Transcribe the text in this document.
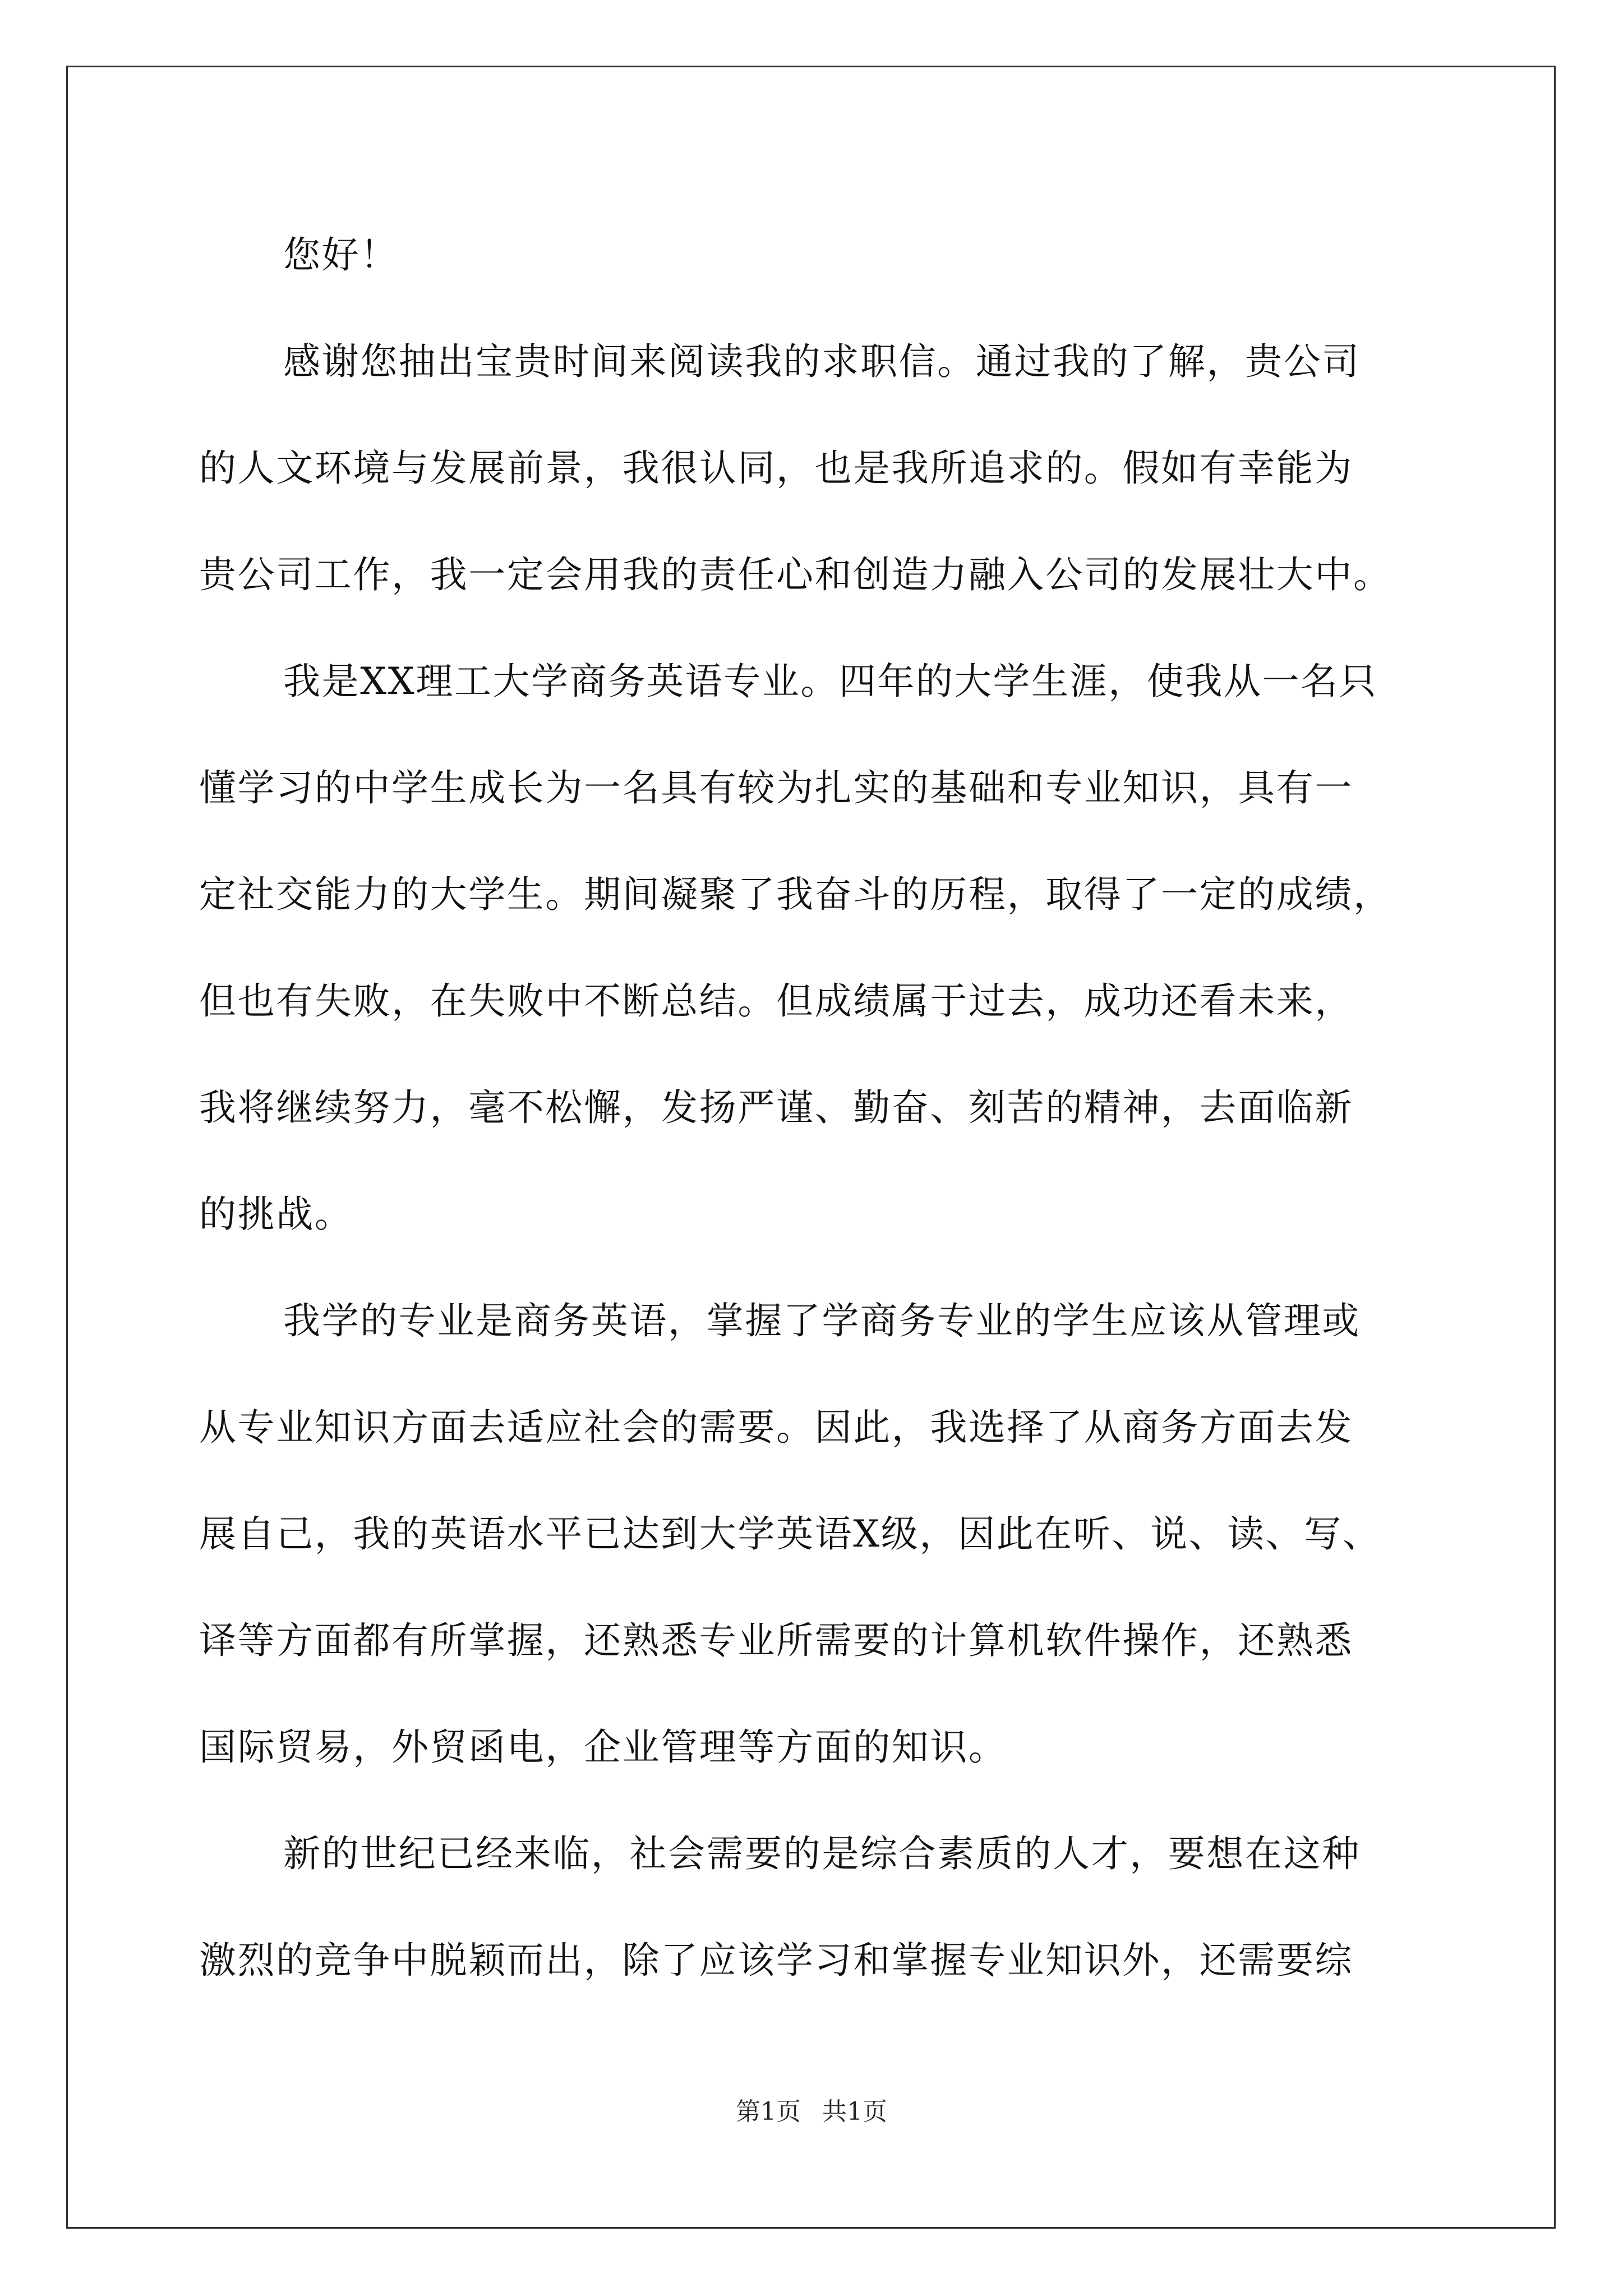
您好！
感谢您抽出宝贵时间来阅读我的求职信。通过我的了解，贵公司
的人文环境与发展前景，我很认同，也是我所追求的。假如有幸能为
贵公司工作，我一定会用我的责任心和创造力融入公司的发展壮大中。
我是XX理工大学商务英语专业。四年的大学生涯，使我从一名只
懂学习的中学生成长为一名具有较为扎实的基础和专业知识，具有一
定社交能力的大学生。期间凝聚了我奋斗的历程，取得了一定的成绩，
但也有失败，在失败中不断总结。但成绩属于过去，成功还看未来，
我将继续努力，毫不松懈，发扬严谨、勤奋、刻苦的精神，去面临新
的挑战。
我学的专业是商务英语，掌握了学商务专业的学生应该从管理或
从专业知识方面去适应社会的需要。因此，我选择了从商务方面去发
展自己，我的英语水平已达到大学英语X级，因此在听、说、读、写、
译等方面都有所掌握，还熟悉专业所需要的计算机软件操作，还熟悉
国际贸易，外贸函电，企业管理等方面的知识。
新的世纪已经来临，社会需要的是综合素质的人才，要想在这种
激烈的竞争中脱颖而出，除了应该学习和掌握专业知识外，还需要综
第1页 共1页
